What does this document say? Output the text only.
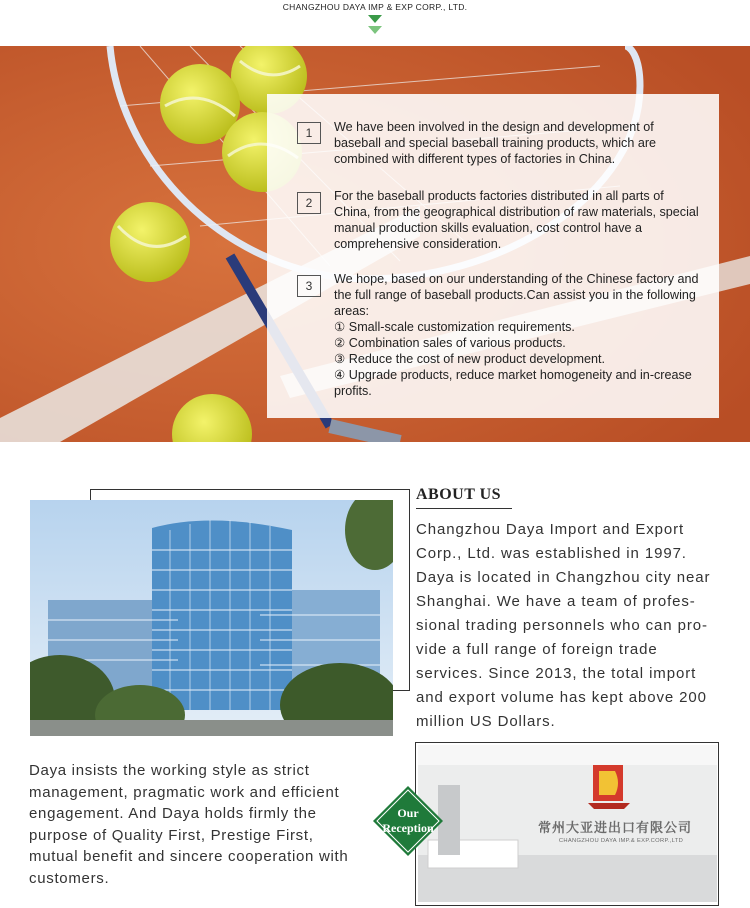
CHANGZHOU DAYA IMP & EXP CORP., LTD.
1	We have been involved in the design and development of baseball and special baseball training products, which are combined with different types of factories in China.
2	For the baseball products factories distributed in all parts of China, from the geographical distribution of raw materials, special manual production skills evaluation, cost control have a comprehensive consideration.
3	We hope, based on our understanding of the Chinese factory and the full range of baseball products.Can assist you in the following areas:
① Small-scale customization requirements.
② Combination sales of various products.
③ Reduce the cost of new product development.
④ Upgrade products, reduce market homogeneity and in-crease profits.
ABOUT US
Changzhou Daya Import and Export Corp., Ltd. was established in 1997. Daya is located in Changzhou city near Shanghai. We have a team of profes-sional trading personnels who can pro-vide a full range of foreign trade services. Since 2013, the total import and export volume has kept above 200 million US Dollars.
Daya insists the working style as strict management, pragmatic work and efficient engagement. And Daya holds firmly the purpose of Quality First, Prestige First, mutual benefit and sincere cooperation with customers.
常州大亚进出口有限公司
CHANGZHOU DAYA IMP.& EXP.CORP.,LTD
Our
Reception
